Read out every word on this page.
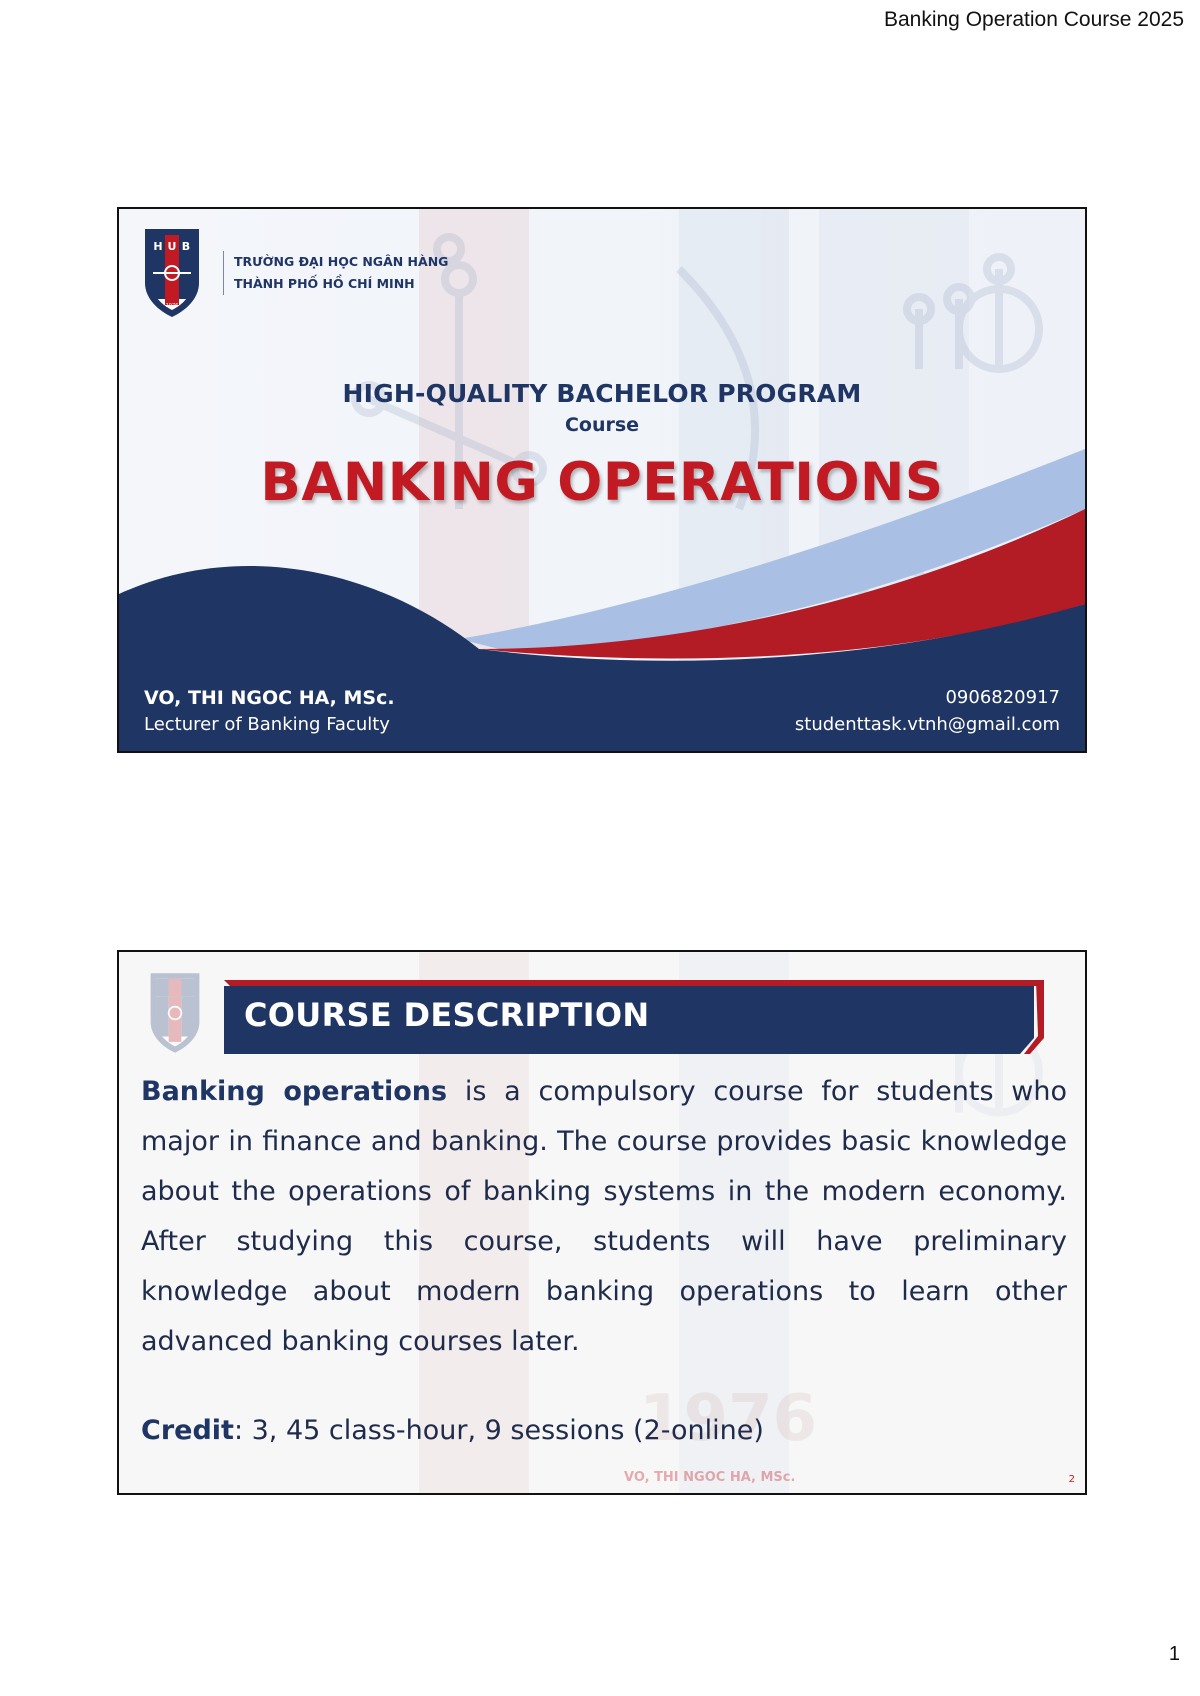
Banking Operation Course 2025
H U B
1976
TRƯỜNG ĐẠI HỌC NGÂN HÀNG
THÀNH PHỐ HỒ CHÍ MINH
HIGH-QUALITY BACHELOR PROGRAM
Course
BANKING OPERATIONS
VO, THI NGOC HA, MSc.
Lecturer of Banking Faculty
0906820917
studenttask.vtnh@gmail.com
1976
COURSE DESCRIPTION
Banking operations is a compulsory course for students who major in finance and banking. The course provides basic knowledge about the operations of banking systems in the modern economy. After studying this course, students will have preliminary knowledge about modern banking operations to learn other advanced banking courses later.
Credit: 3, 45 class-hour, 9 sessions (2-online)
VO, THI NGOC HA, MSc.	2
1
